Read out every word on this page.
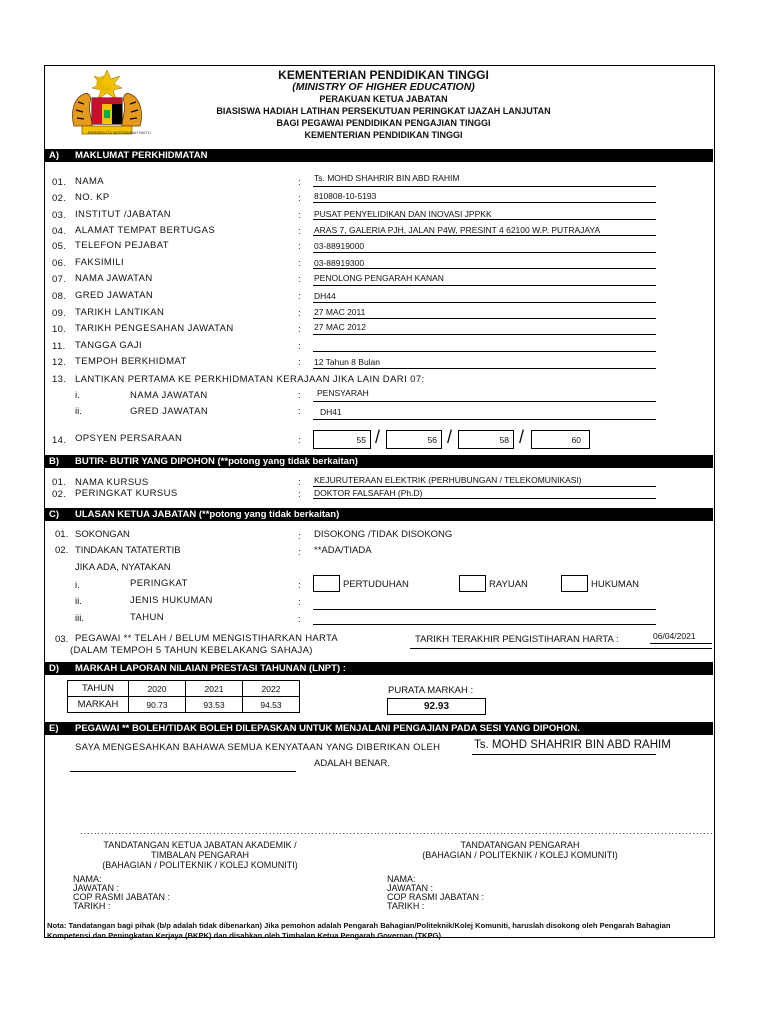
BERSEKUTU BERTAMBAH MUTU
KEMENTERIAN PENDIDIKAN TINGGI
(MINISTRY OF HIGHER EDUCATION)
PERAKUAN KETUA JABATAN
BIASISWA HADIAH LATIHAN PERSEKUTUAN PERINGKAT IJAZAH LANJUTAN
BAGI PEGAWAI PENDIDIKAN PENGAJIAN TINGGI
KEMENTERIAN PENDIDIKAN TINGGI
A) MAKLUMAT PERKHIDMATAN
01. NAMA	: Ts. MOHD SHAHRIR BIN ABD RAHIM
02. NO. KP	: 810808-10-5193
03. INSTITUT /JABATAN	: PUSAT PENYELIDIKAN DAN INOVASI JPPKK
04. ALAMAT TEMPAT BERTUGAS	: ARAS 7, GALERIA PJH, JALAN P4W, PRESINT 4 62100 W.P. PUTRAJAYA
05. TELEFON PEJABAT	: 03-88919000
06. FAKSIMILI	: 03-88919300
07. NAMA JAWATAN	: PENOLONG PENGARAH KANAN
08. GRED JAWATAN	: DH44
09. TARIKH LANTIKAN	: 27 MAC 2011
10. TARIKH PENGESAHAN JAWATAN	: 27 MAC 2012
11. TANGGA GAJI	:
12. TEMPOH BERKHIDMAT	: 12 Tahun 8 Bulan
13. LANTIKAN PERTAMA KE PERKHIDMATAN KERAJAAN JIKA LAIN DARI 07:
i.	NAMA JAWATAN	: PENSYARAH
ii.	GRED JAWATAN	: DH41
14. OPSYEN PERSARAAN	:	55 /	56 /	58 /	60
B) BUTIR- BUTIR YANG DIPOHON (**potong yang tidak berkaitan)
01. NAMA KURSUS	: KEJURUTERAAN ELEKTRIK (PERHUBUNGAN / TELEKOMUNIKASI)
02. PERINGKAT KURSUS	: DOKTOR FALSAFAH (Ph.D)
C) ULASAN KETUA JABATAN (**potong yang tidak berkaitan)
01. SOKONGAN	: DISOKONG /TIDAK DISOKONG
02. TINDAKAN TATATERTIB	: **ADA/TIADA
JIKA ADA, NYATAKAN
i.	PERINGKAT	:	PERTUDUHAN	RAYUAN	HUKUMAN
ii.	JENIS HUKUMAN	:
iii.	TAHUN	:
03. PEGAWAI ** TELAH / BELUM MENGISTIHARKAN HARTA
(DALAM TEMPOH 5 TAHUN KEBELAKANG SAHAJA)
TARIKH TERAKHIR PENGISTIHARAN HARTA :	06/04/2021
D) MARKAH LAPORAN NILAIAN PRESTASI TAHUNAN (LNPT) :
TAHUN	2020	2021	2022
MARKAH	90.73	93.53	94.53
PURATA MARKAH :
92.93
E) PEGAWAI ** BOLEH/TIDAK BOLEH DILEPASKAN UNTUK MENJALANI PENGAJIAN PADA SESI YANG DIPOHON.
SAYA MENGESAHKAN BAHAWA SEMUA KENYATAAN YANG DIBERIKAN OLEH	Ts. MOHD SHAHRIR BIN ABD RAHIM
ADALAH BENAR.
............................................................................................
............................................................................................
TANDATANGAN KETUA JABATAN AKADEMIK /
TIMBALAN PENGARAH
(BAHAGIAN / POLITEKNIK / KOLEJ KOMUNITI)
TANDATANGAN PENGARAH
(BAHAGIAN / POLITEKNIK / KOLEJ KOMUNITI)
NAMA:
JAWATAN :
COP RASMI JABATAN :
TARIKH :
NAMA:
JAWATAN :
COP RASMI JABATAN :
TARIKH :
Nota: Tandatangan bagi pihak (b/p adalah tidak dibenarkan) Jika pemohon adalah Pengarah Bahagian/Politeknik/Kolej Komuniti, haruslah disokong oleh Pengarah Bahagian Kompetensi dan Peningkatan Kerjaya (BKPK) dan disahkan oleh Timbalan Ketua Pengarah Governan (TKPG).
